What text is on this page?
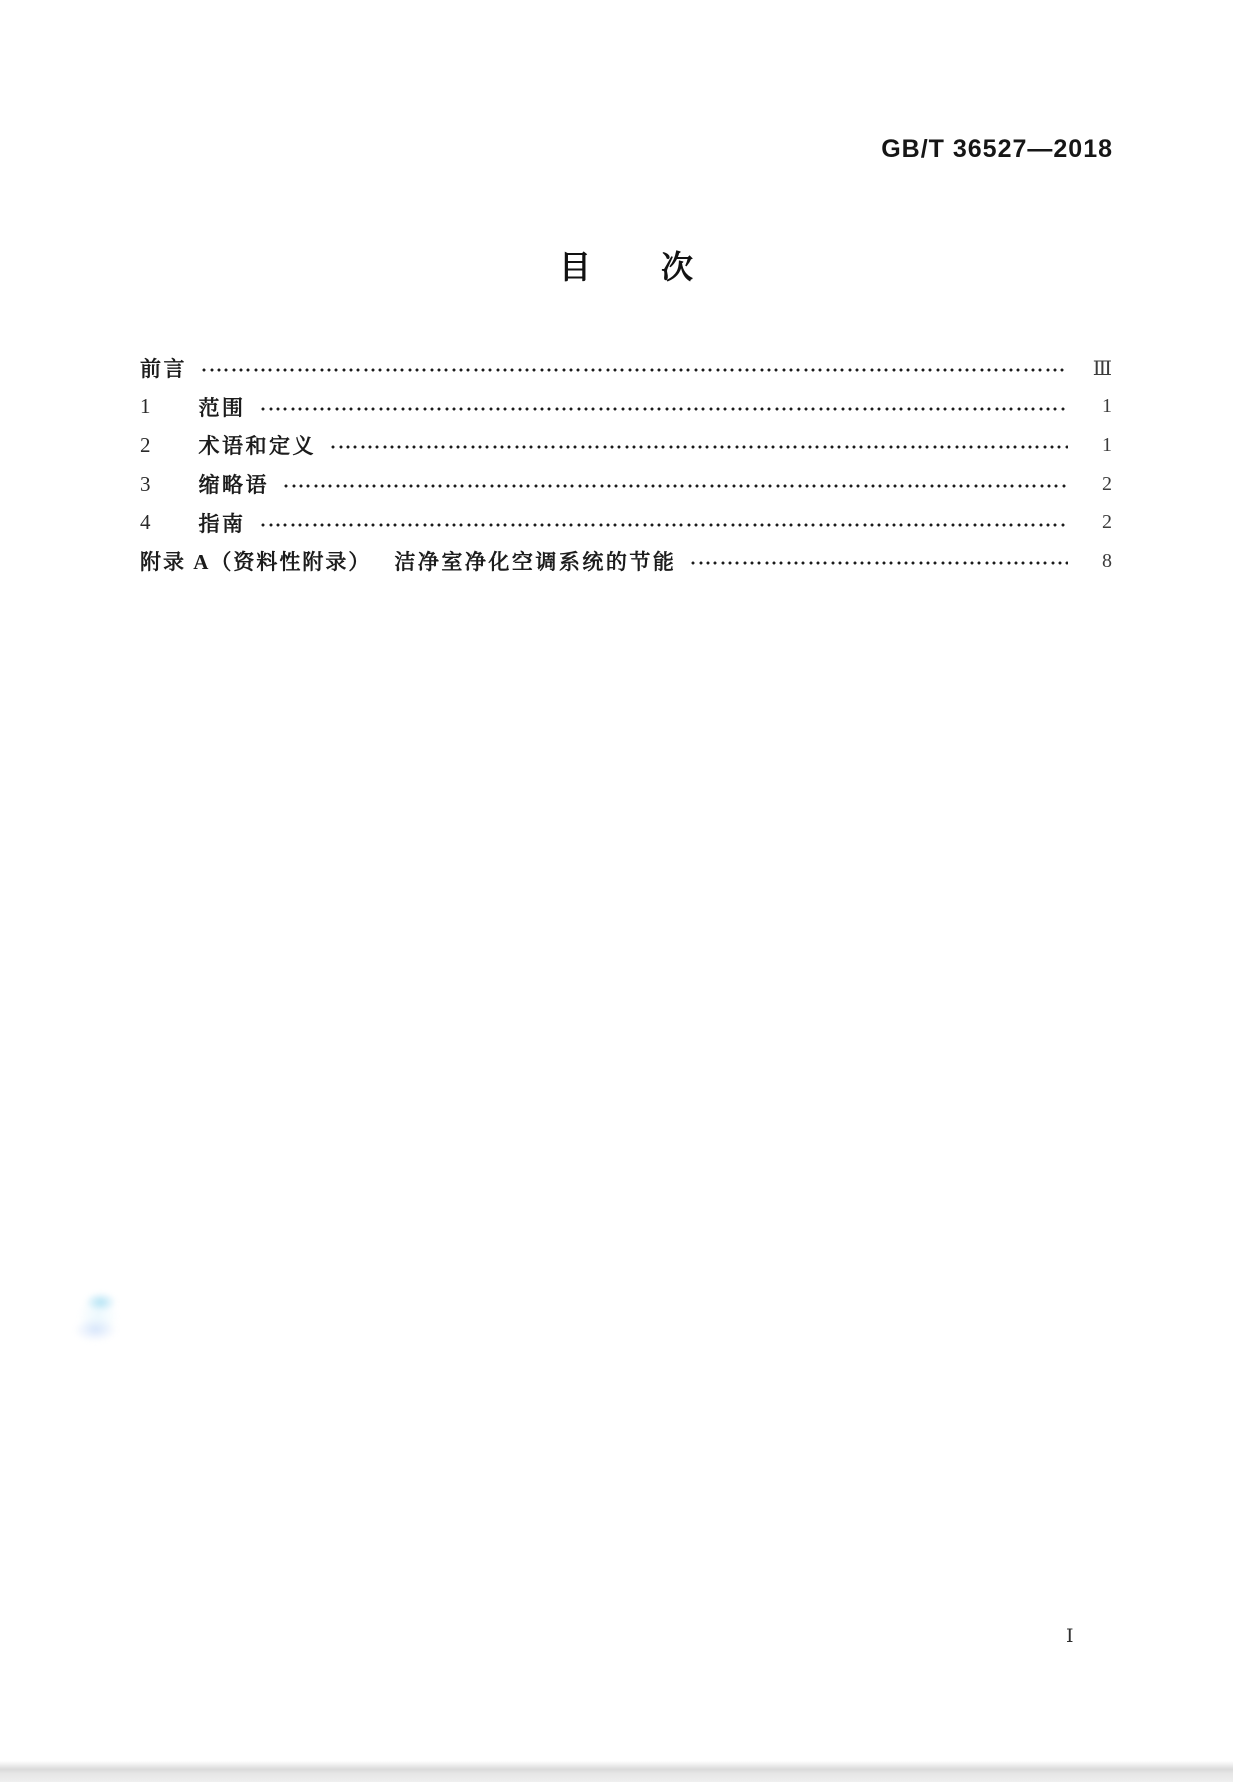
GB/T 36527—2018
目　次
前言	Ⅲ
1 范围	1
2 术语和定义	1
3 缩略语	2
4 指南	2
附录 A（资料性附录） 洁净室净化空调系统的节能	8
Ⅰ
